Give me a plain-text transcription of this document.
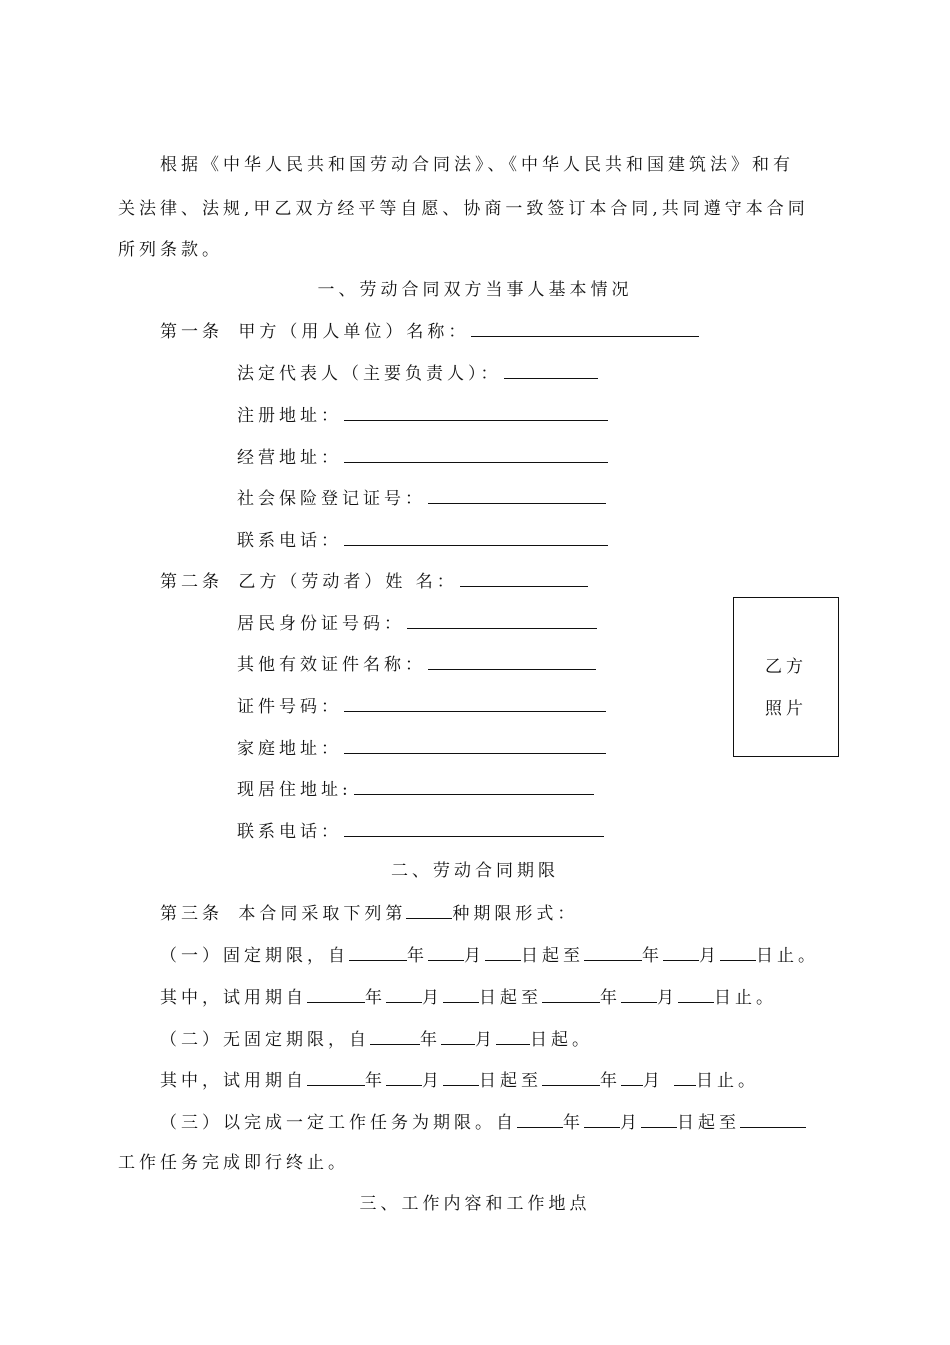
根据《中华人民共和国劳动合同法》、《中华人民共和国建筑法》和有
关法律、法规,甲乙双方经平等自愿、协商一致签订本合同,共同遵守本合同
所列条款。
一、劳动合同双方当事人基本情况
第一条 甲方（用人单位）名称：
法定代表人（主要负责人）：
注册地址：
经营地址：
社会保险登记证号：
联系电话：
第二条 乙方（劳动者）姓 名：
居民身份证号码：
其他有效证件名称：
证件号码：
家庭地址：
现居住地址:
联系电话：
乙方
照片
二、劳动合同期限
第三条 本合同采取下列第	种期限形式：
（一）固定期限，自	年 月 日起至	年 月 日止。
其中，试用期自	年 月 日起至	年 月 日止。
（二）无固定期限，自	年 月 日起。
其中，试用期自	年 月 日起至	年 月 日止。
（三）以完成一定工作任务为期限。自	年 月 日起至
工作任务完成即行终止。
三、工作内容和工作地点
